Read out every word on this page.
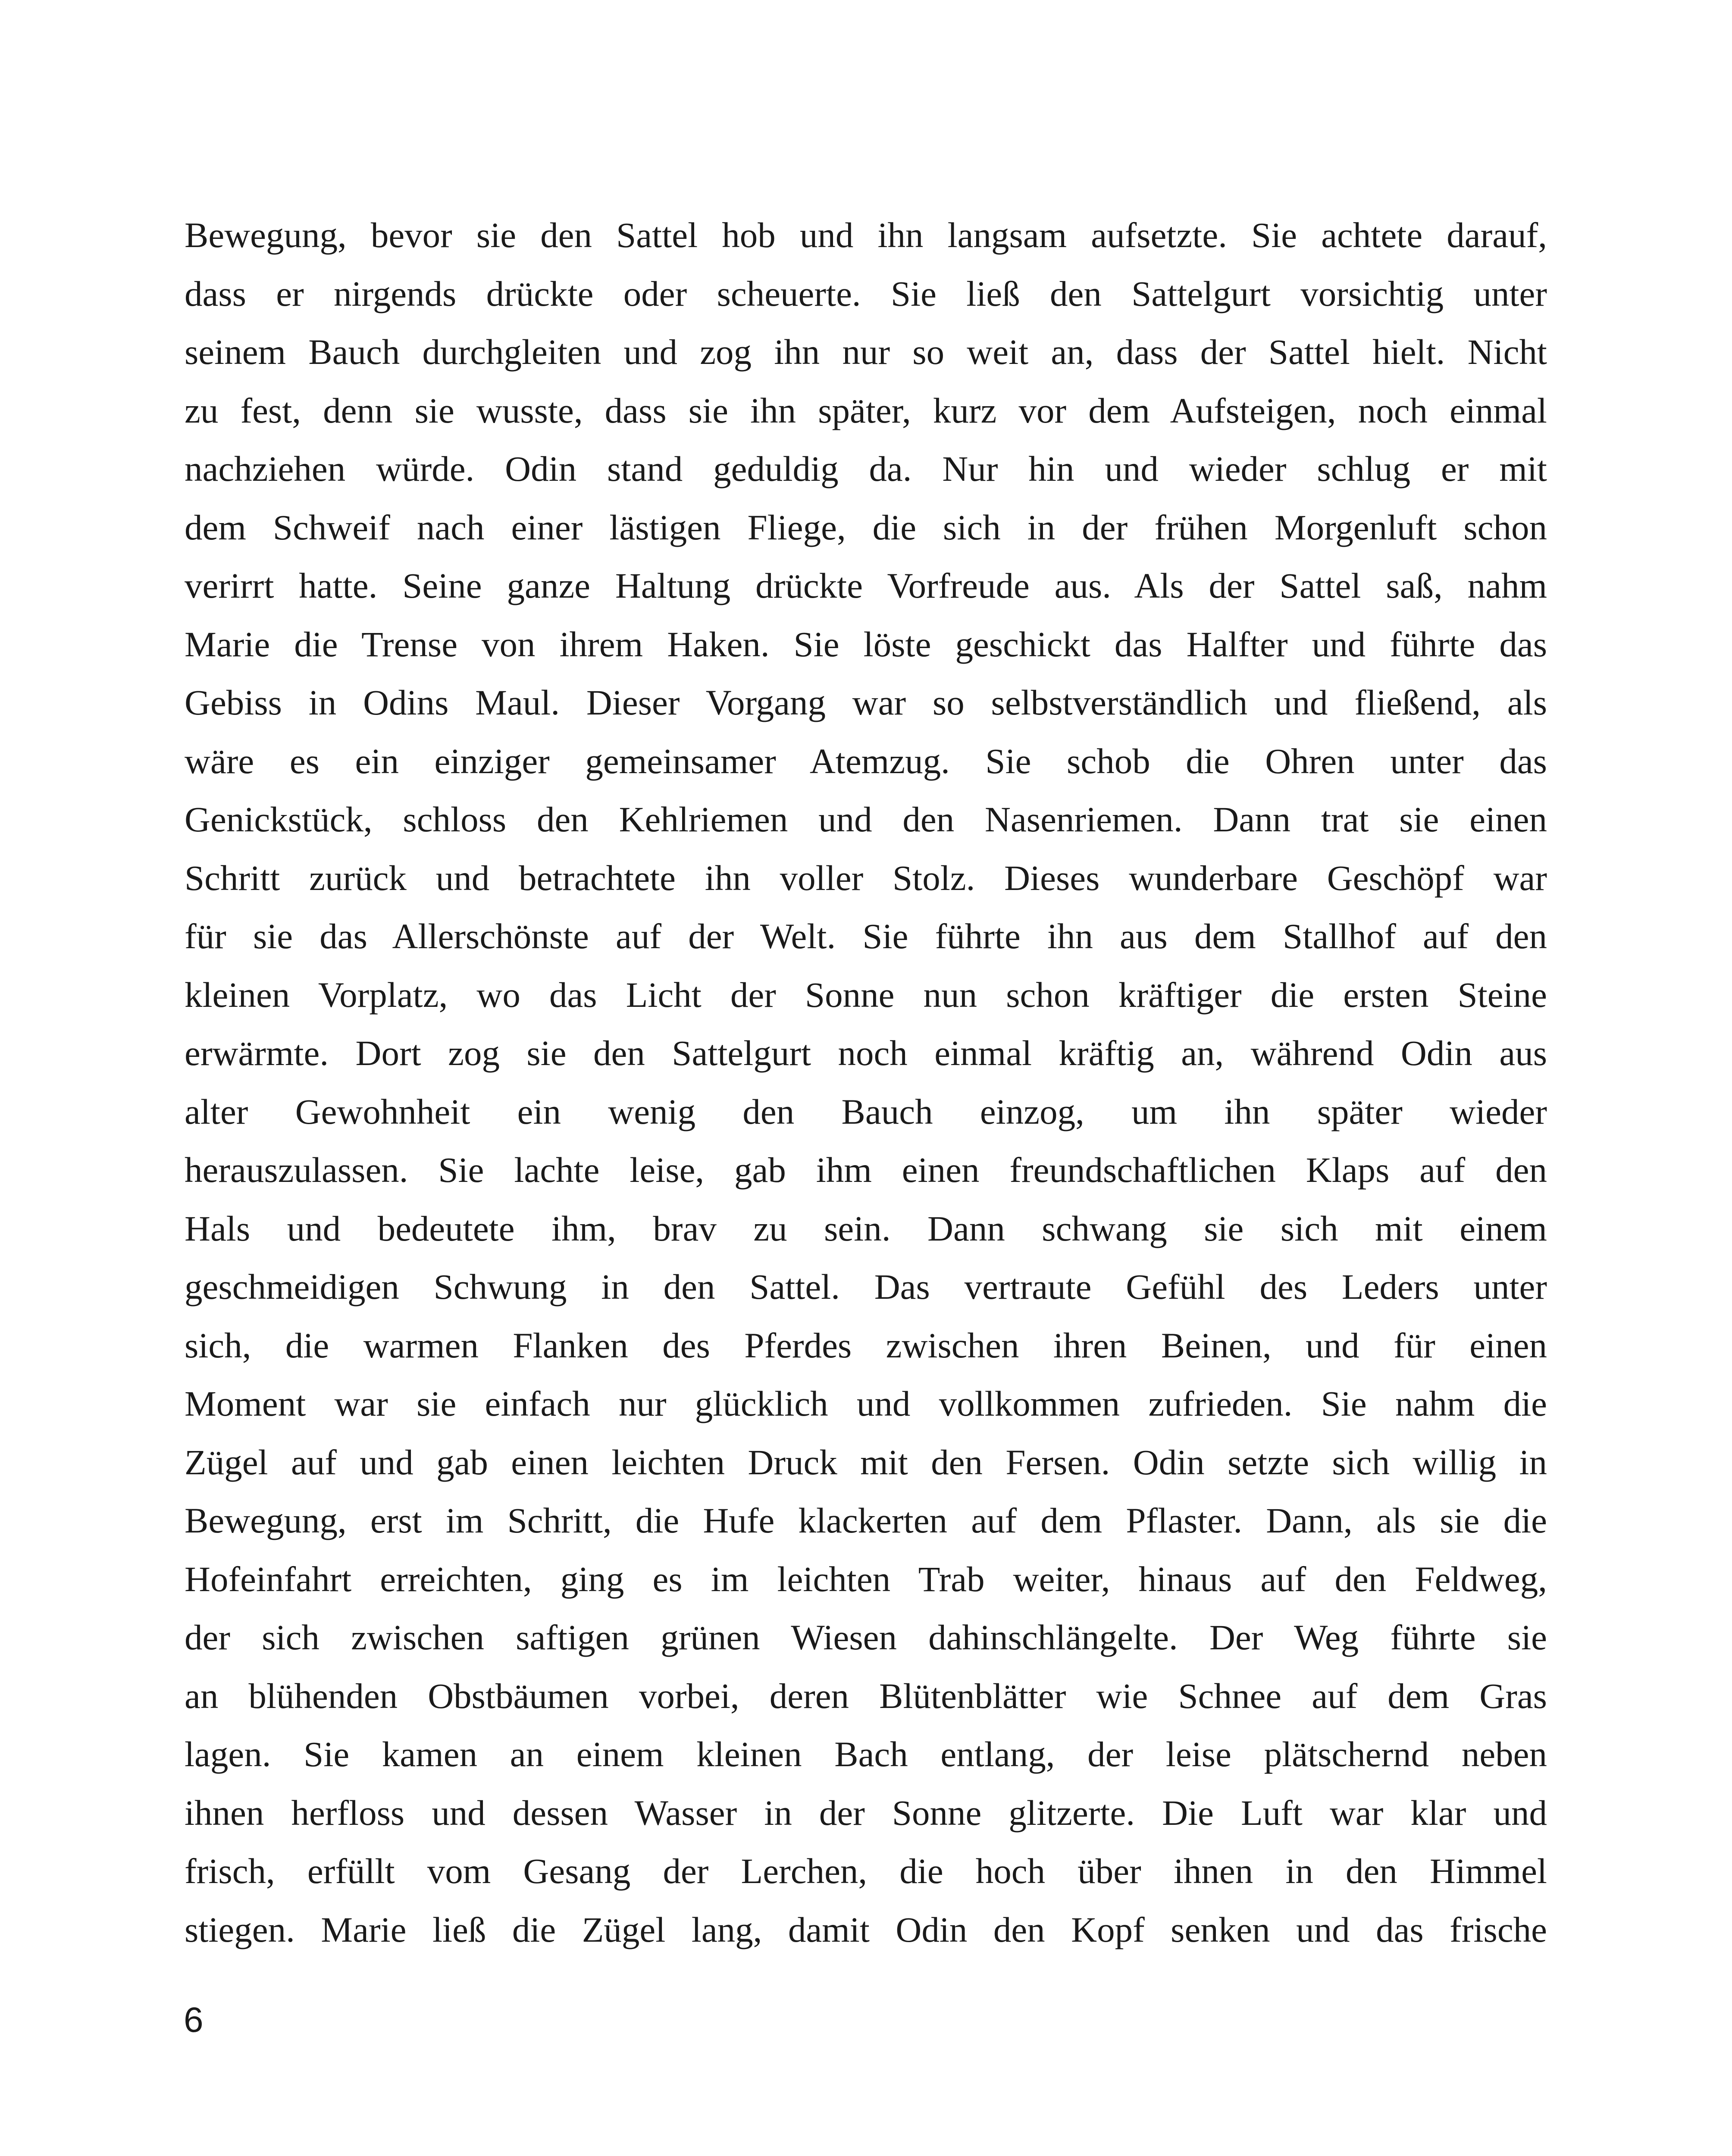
Bewegung, bevor sie den Sattel hob und ihn langsam aufsetzte. Sie achtete darauf,
dass er nirgends drückte oder scheuerte. Sie ließ den Sattelgurt vorsichtig unter
seinem Bauch durchgleiten und zog ihn nur so weit an, dass der Sattel hielt. Nicht
zu fest, denn sie wusste, dass sie ihn später, kurz vor dem Aufsteigen, noch einmal
nachziehen würde. Odin stand geduldig da. Nur hin und wieder schlug er mit
dem Schweif nach einer lästigen Fliege, die sich in der frühen Morgenluft schon
verirrt hatte. Seine ganze Haltung drückte Vorfreude aus. Als der Sattel saß, nahm
Marie die Trense von ihrem Haken. Sie löste geschickt das Halfter und führte das
Gebiss in Odins Maul. Dieser Vorgang war so selbstverständlich und fließend, als
wäre es ein einziger gemeinsamer Atemzug. Sie schob die Ohren unter das
Genickstück, schloss den Kehlriemen und den Nasenriemen. Dann trat sie einen
Schritt zurück und betrachtete ihn voller Stolz. Dieses wunderbare Geschöpf war
für sie das Allerschönste auf der Welt. Sie führte ihn aus dem Stallhof auf den
kleinen Vorplatz, wo das Licht der Sonne nun schon kräftiger die ersten Steine
erwärmte. Dort zog sie den Sattelgurt noch einmal kräftig an, während Odin aus
alter Gewohnheit ein wenig den Bauch einzog, um ihn später wieder
herauszulassen. Sie lachte leise, gab ihm einen freundschaftlichen Klaps auf den
Hals und bedeutete ihm, brav zu sein. Dann schwang sie sich mit einem
geschmeidigen Schwung in den Sattel. Das vertraute Gefühl des Leders unter
sich, die warmen Flanken des Pferdes zwischen ihren Beinen, und für einen
Moment war sie einfach nur glücklich und vollkommen zufrieden. Sie nahm die
Zügel auf und gab einen leichten Druck mit den Fersen. Odin setzte sich willig in
Bewegung, erst im Schritt, die Hufe klackerten auf dem Pflaster. Dann, als sie die
Hofeinfahrt erreichten, ging es im leichten Trab weiter, hinaus auf den Feldweg,
der sich zwischen saftigen grünen Wiesen dahinschlängelte. Der Weg führte sie
an blühenden Obstbäumen vorbei, deren Blütenblätter wie Schnee auf dem Gras
lagen. Sie kamen an einem kleinen Bach entlang, der leise plätschernd neben
ihnen herfloss und dessen Wasser in der Sonne glitzerte. Die Luft war klar und
frisch, erfüllt vom Gesang der Lerchen, die hoch über ihnen in den Himmel
stiegen. Marie ließ die Zügel lang, damit Odin den Kopf senken und das frische
6
